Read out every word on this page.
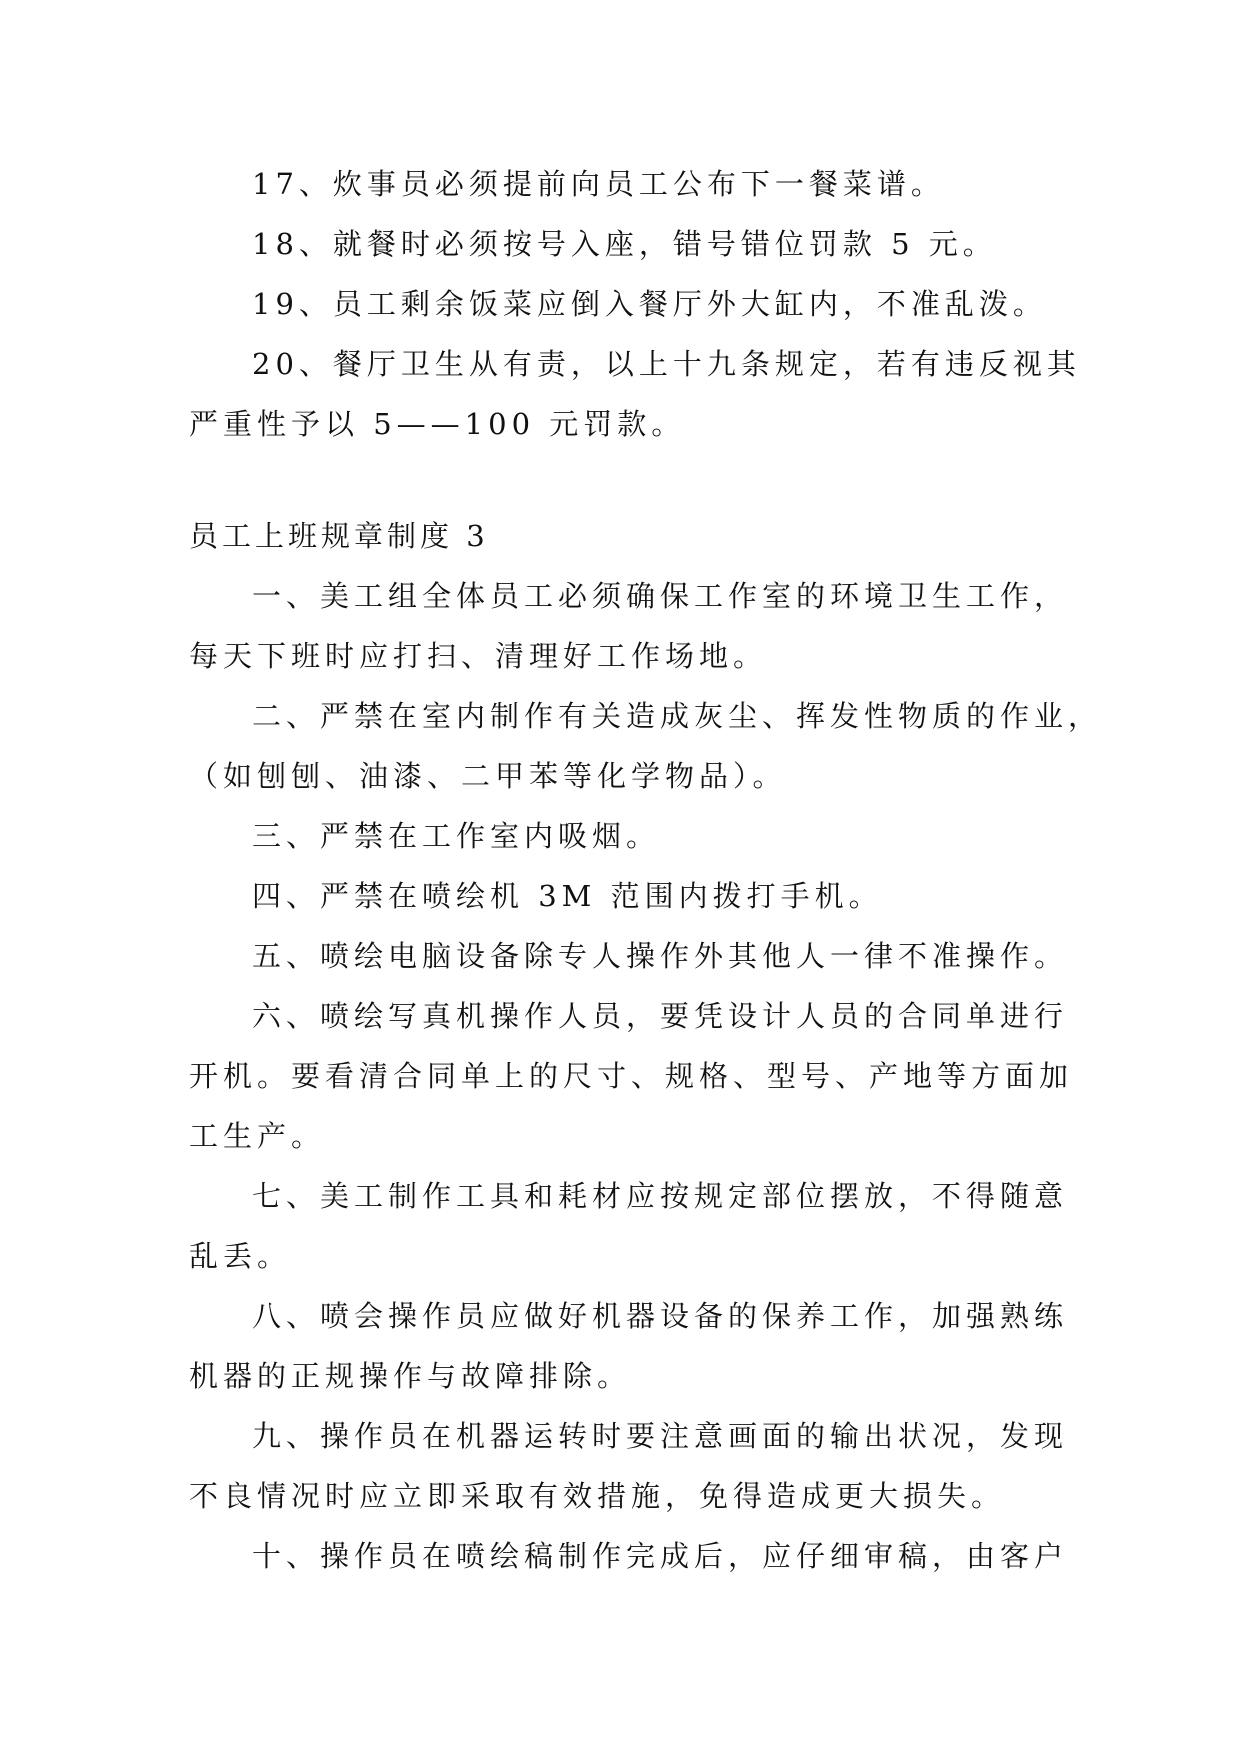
17、炊事员必须提前向员工公布下一餐菜谱。
18、就餐时必须按号入座，错号错位罚款 5 元。
19、员工剩余饭菜应倒入餐厅外大缸内，不准乱泼。
20、餐厅卫生从有责，以上十九条规定，若有违反视其
严重性予以 5——100 元罚款。
员工上班规章制度 3
一、美工组全体员工必须确保工作室的环境卫生工作，
每天下班时应打扫、清理好工作场地。
二、严禁在室内制作有关造成灰尘、挥发性物质的作业，
（如刨刨、油漆、二甲苯等化学物品）。
三、严禁在工作室内吸烟。
四、严禁在喷绘机 3M 范围内拨打手机。
五、喷绘电脑设备除专人操作外其他人一律不准操作。
六、喷绘写真机操作人员，要凭设计人员的合同单进行
开机。要看清合同单上的尺寸、规格、型号、产地等方面加
工生产。
七、美工制作工具和耗材应按规定部位摆放，不得随意
乱丢。
八、喷会操作员应做好机器设备的保养工作，加强熟练
机器的正规操作与故障排除。
九、操作员在机器运转时要注意画面的输出状况，发现
不良情况时应立即采取有效措施，免得造成更大损失。
十、操作员在喷绘稿制作完成后，应仔细审稿，由客户
